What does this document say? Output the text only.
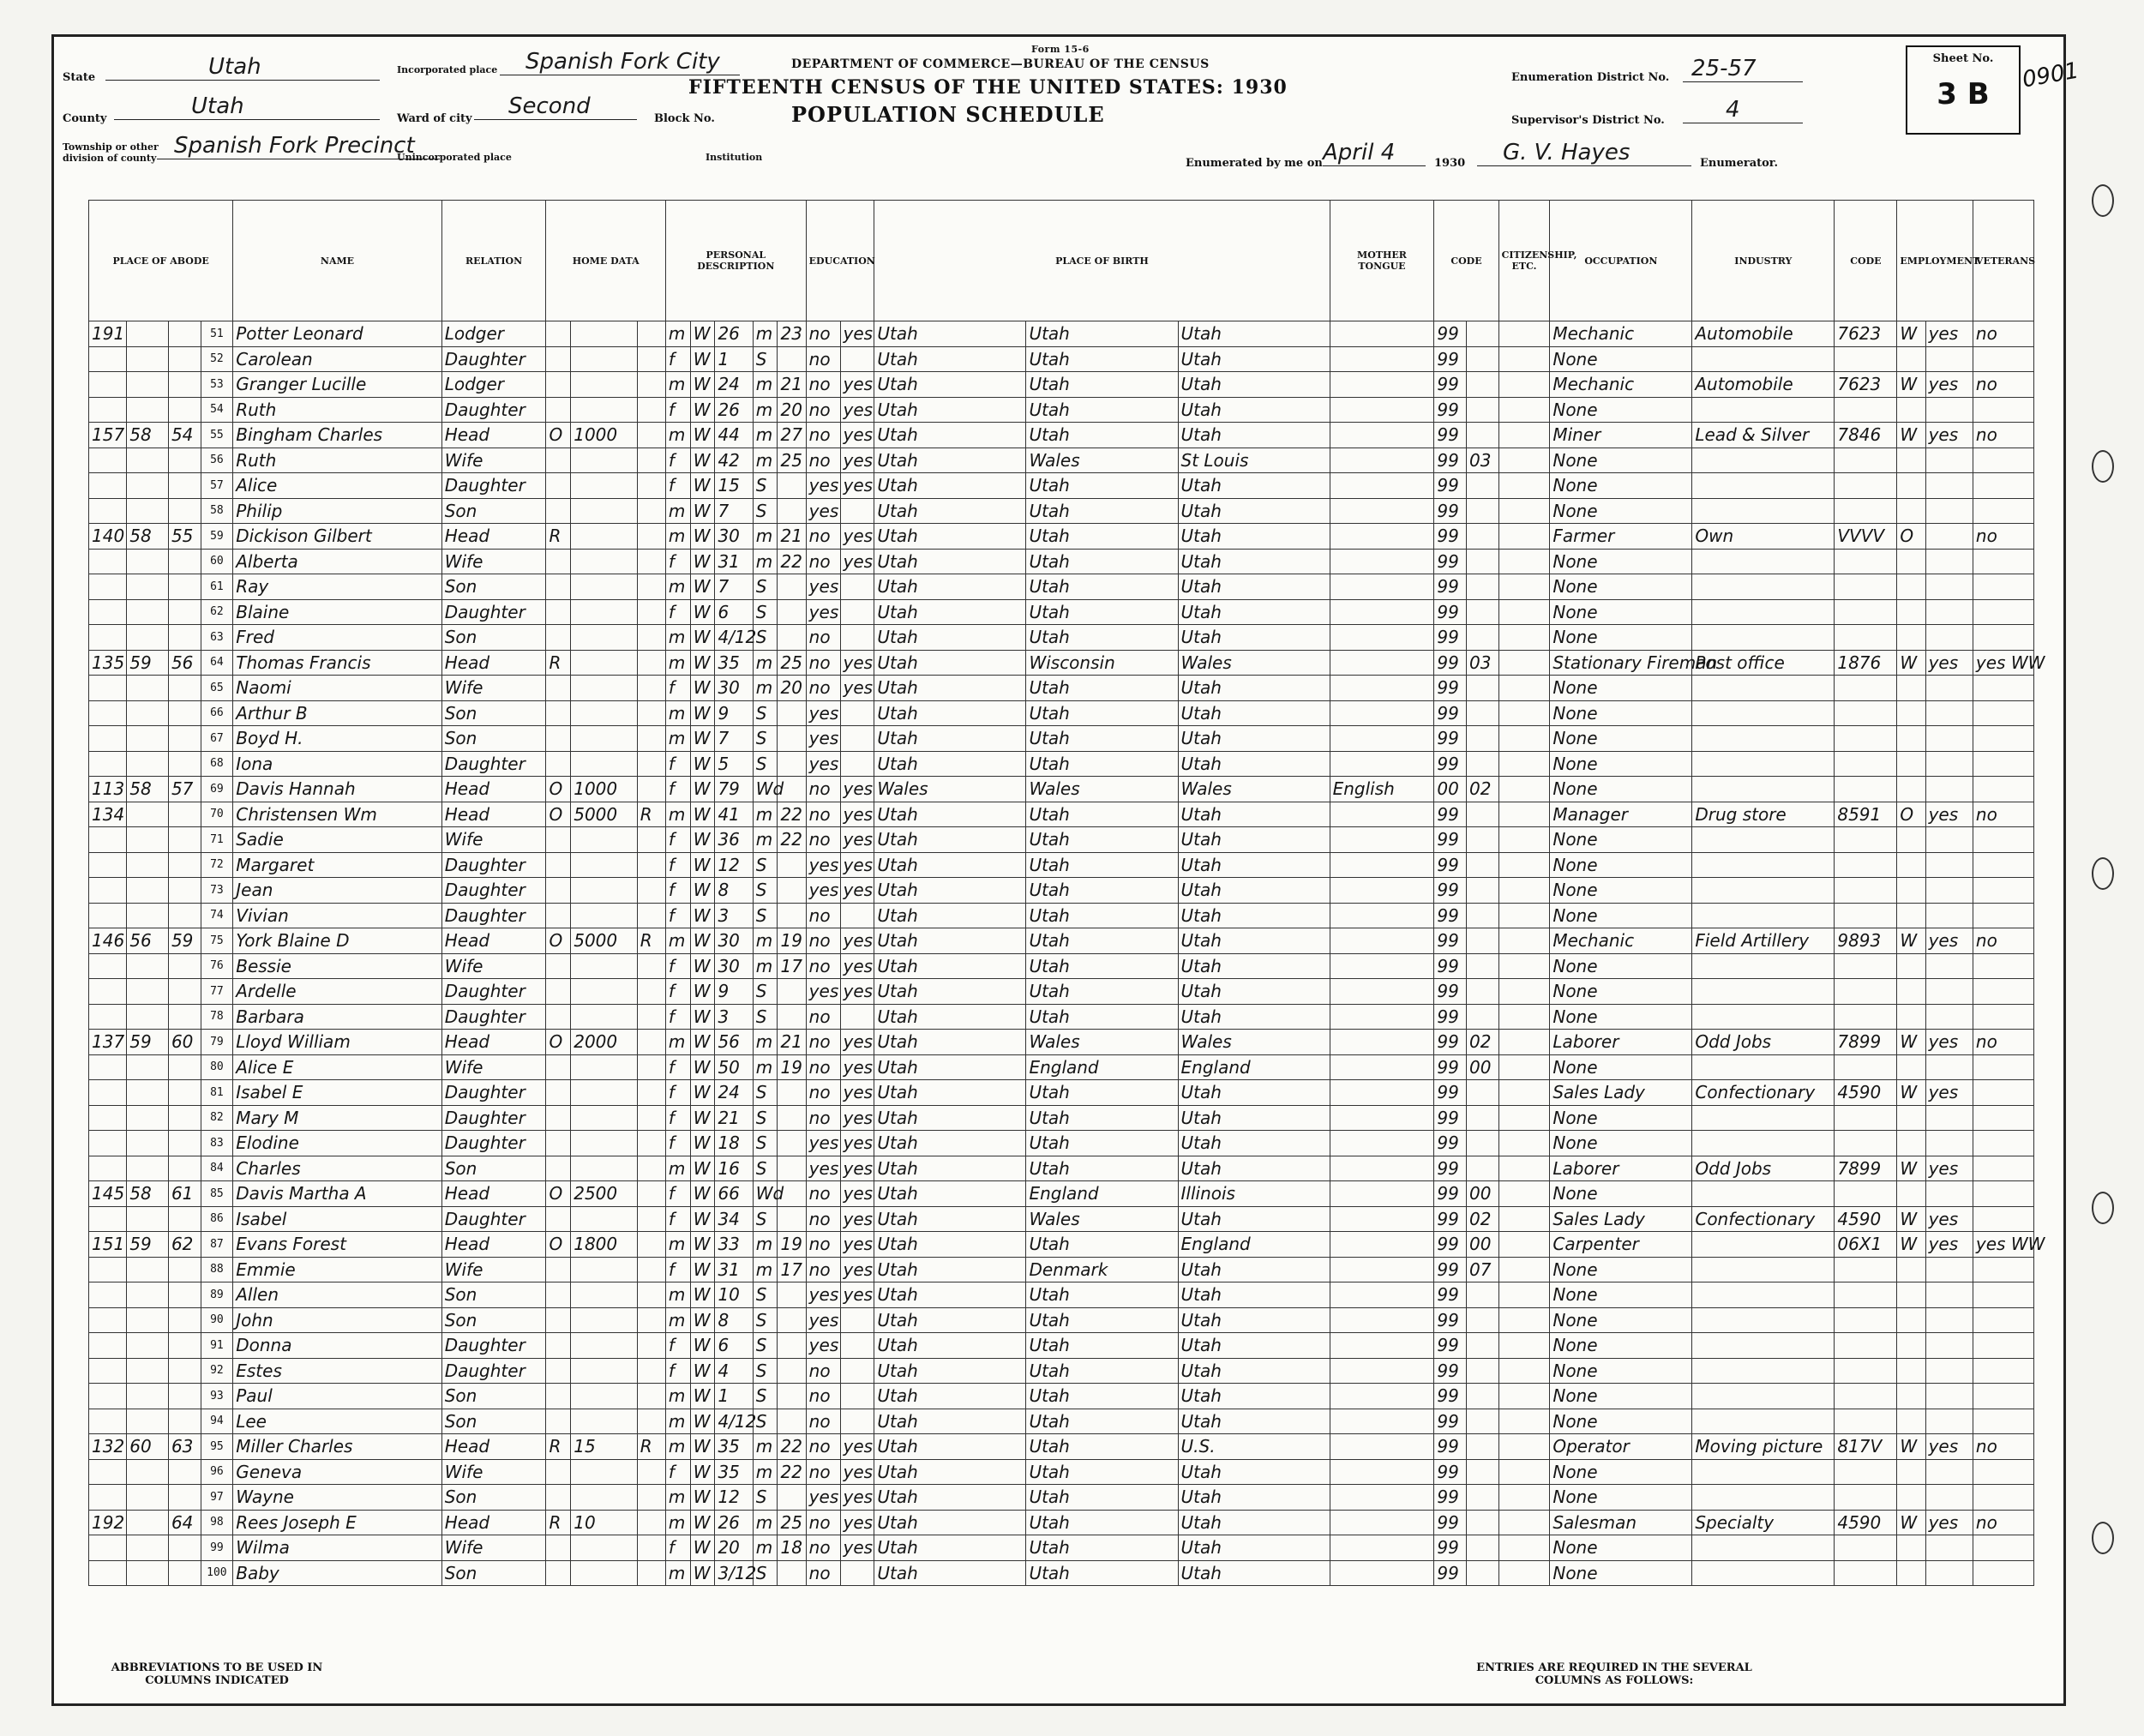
Form 15-6
DEPARTMENT OF COMMERCE—BUREAU OF THE CENSUS
FIFTEENTH CENSUS OF THE UNITED STATES: 1930
POPULATION SCHEDULE
State	Utah
County	Utah
Township or other division of county Spanish Fork Precinct
Incorporated place	Spanish Fork City
Ward of city	Second	Block No.
Unincorporated place	Institution
Enumeration District No. 25-57
Supervisor's District No.	4
Enumerated by me on April 4	1930	G. V. Hayes	Enumerator.
Sheet No.
3 B
0901
PLACE OF ABODE				NAME	RELATION	HOME DATA			PERSONAL DESCRIPTION					EDUCATION		PLACE OF BIRTH			MOTHER TONGUE	CODE		CITIZENSHIP, ETC.	OCCUPATION	INDUSTRY	CODE	EMPLOYMENT		VETERANS
191			51	Potter Leonard	Lodger				m	W	26	m	23	no	yes	Utah	Utah	Utah		99			Mechanic	Automobile	7623	W	yes	no
			52	Carolean	Daughter				f	W	1	S		no		Utah	Utah	Utah		99			None					
			53	Granger Lucille	Lodger				m	W	24	m	21	no	yes	Utah	Utah	Utah		99			Mechanic	Automobile	7623	W	yes	no
			54	Ruth	Daughter				f	W	26	m	20	no	yes	Utah	Utah	Utah		99			None					
157	58	54	55	Bingham Charles	Head	O	1000		m	W	44	m	27	no	yes	Utah	Utah	Utah		99			Miner	Lead & Silver	7846	W	yes	no
			56	Ruth	Wife				f	W	42	m	25	no	yes	Utah	Wales	St Louis		99	03		None					
			57	Alice	Daughter				f	W	15	S		yes	yes	Utah	Utah	Utah		99			None					
			58	Philip	Son				m	W	7	S		yes		Utah	Utah	Utah		99			None					
140	58	55	59	Dickison Gilbert	Head	R			m	W	30	m	21	no	yes	Utah	Utah	Utah		99			Farmer	Own	VVVV	O		no
			60	Alberta	Wife				f	W	31	m	22	no	yes	Utah	Utah	Utah		99			None					
			61	Ray	Son				m	W	7	S		yes		Utah	Utah	Utah		99			None					
			62	Blaine	Daughter				f	W	6	S		yes		Utah	Utah	Utah		99			None					
			63	Fred	Son				m	W	4/12	S		no		Utah	Utah	Utah		99			None					
135	59	56	64	Thomas Francis	Head	R			m	W	35	m	25	no	yes	Utah	Wisconsin	Wales		99	03		Stationary Fireman	Post office	1876	W	yes	yes WW
			65	Naomi	Wife				f	W	30	m	20	no	yes	Utah	Utah	Utah		99			None					
			66	Arthur B	Son				m	W	9	S		yes		Utah	Utah	Utah		99			None					
			67	Boyd H.	Son				m	W	7	S		yes		Utah	Utah	Utah		99			None					
			68	Iona	Daughter				f	W	5	S		yes		Utah	Utah	Utah		99			None					
113	58	57	69	Davis Hannah	Head	O	1000		f	W	79	Wd		no	yes	Wales	Wales	Wales	English	00	02		None					
134			70	Christensen Wm	Head	O	5000	R	m	W	41	m	22	no	yes	Utah	Utah	Utah		99			Manager	Drug store	8591	O	yes	no
			71	Sadie	Wife				f	W	36	m	22	no	yes	Utah	Utah	Utah		99			None					
			72	Margaret	Daughter				f	W	12	S		yes	yes	Utah	Utah	Utah		99			None					
			73	Jean	Daughter				f	W	8	S		yes	yes	Utah	Utah	Utah		99			None					
			74	Vivian	Daughter				f	W	3	S		no		Utah	Utah	Utah		99			None					
146	56	59	75	York Blaine D	Head	O	5000	R	m	W	30	m	19	no	yes	Utah	Utah	Utah		99			Mechanic	Field Artillery	9893	W	yes	no
			76	Bessie	Wife				f	W	30	m	17	no	yes	Utah	Utah	Utah		99			None					
			77	Ardelle	Daughter				f	W	9	S		yes	yes	Utah	Utah	Utah		99			None					
			78	Barbara	Daughter				f	W	3	S		no		Utah	Utah	Utah		99			None					
137	59	60	79	Lloyd William	Head	O	2000		m	W	56	m	21	no	yes	Utah	Wales	Wales		99	02		Laborer	Odd Jobs	7899	W	yes	no
			80	Alice E	Wife				f	W	50	m	19	no	yes	Utah	England	England		99	00		None					
			81	Isabel E	Daughter				f	W	24	S		no	yes	Utah	Utah	Utah		99			Sales Lady	Confectionary	4590	W	yes	
			82	Mary M	Daughter				f	W	21	S		no	yes	Utah	Utah	Utah		99			None					
			83	Elodine	Daughter				f	W	18	S		yes	yes	Utah	Utah	Utah		99			None					
			84	Charles	Son				m	W	16	S		yes	yes	Utah	Utah	Utah		99			Laborer	Odd Jobs	7899	W	yes	
145	58	61	85	Davis Martha A	Head	O	2500		f	W	66	Wd		no	yes	Utah	England	Illinois		99	00		None					
			86	Isabel	Daughter				f	W	34	S		no	yes	Utah	Wales	Utah		99	02		Sales Lady	Confectionary	4590	W	yes	
151	59	62	87	Evans Forest	Head	O	1800		m	W	33	m	19	no	yes	Utah	Utah	England		99	00		Carpenter		06X1	W	yes	yes WW
			88	Emmie	Wife				f	W	31	m	17	no	yes	Utah	Denmark	Utah		99	07		None					
			89	Allen	Son				m	W	10	S		yes	yes	Utah	Utah	Utah		99			None					
			90	John	Son				m	W	8	S		yes		Utah	Utah	Utah		99			None					
			91	Donna	Daughter				f	W	6	S		yes		Utah	Utah	Utah		99			None					
			92	Estes	Daughter				f	W	4	S		no		Utah	Utah	Utah		99			None					
			93	Paul	Son				m	W	1	S		no		Utah	Utah	Utah		99			None					
			94	Lee	Son				m	W	4/12	S		no		Utah	Utah	Utah		99			None					
132	60	63	95	Miller Charles	Head	R	15	R	m	W	35	m	22	no	yes	Utah	Utah	U.S.		99			Operator	Moving picture	817V	W	yes	no
			96	Geneva	Wife				f	W	35	m	22	no	yes	Utah	Utah	Utah		99			None					
			97	Wayne	Son				m	W	12	S		yes	yes	Utah	Utah	Utah		99			None					
192		64	98	Rees Joseph E	Head	R	10		m	W	26	m	25	no	yes	Utah	Utah	Utah		99			Salesman	Specialty	4590	W	yes	no
			99	Wilma	Wife				f	W	20	m	18	no	yes	Utah	Utah	Utah		99			None					
			100	Baby	Son				m	W	3/12	S		no		Utah	Utah	Utah		99			None					
ABBREVIATIONS TO BE USED IN COLUMNS INDICATED
ENTRIES ARE REQUIRED IN THE SEVERAL COLUMNS AS FOLLOWS:
